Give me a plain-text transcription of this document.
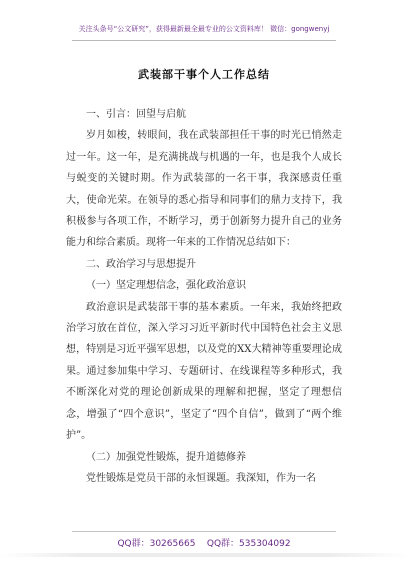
关注头条号“公文研究”，获得最新最全最专业的公文资料库！ 微信：gongwenyj
武装部干事个人工作总结

一、引言：回望与启航

岁月如梭，转眼间，我在武装部担任干事的时光已悄然走过一年。这一年，是充满挑战与机遇的一年，也是我个人成长与蜕变的关键时期。作为武装部的一名干事，我深感责任重大，使命光荣。在领导的悉心指导和同事们的鼎力支持下，我积极参与各项工作，不断学习，勇于创新努力提升自己的业务能力和综合素质。现将一年来的工作情况总结如下：

二、政治学习与思想提升

（一）坚定理想信念，强化政治意识

政治意识是武装部干事的基本素质。一年来，我始终把政治学习放在首位，深入学习习近平新时代中国特色社会主义思想，特别是习近平强军思想，以及党的XX大精神等重要理论成果。通过参加集中学习、专题研讨、在线课程等多种形式，我不断深化对党的理论创新成果的理解和把握，坚定了理想信念，增强了“四个意识”，坚定了“四个自信”，做到了“两个维护”。

（二）加强党性锻炼，提升道德修养

党性锻炼是党员干部的永恒课题。我深知，作为一名

QQ群：30265665    QQ群：535304092
